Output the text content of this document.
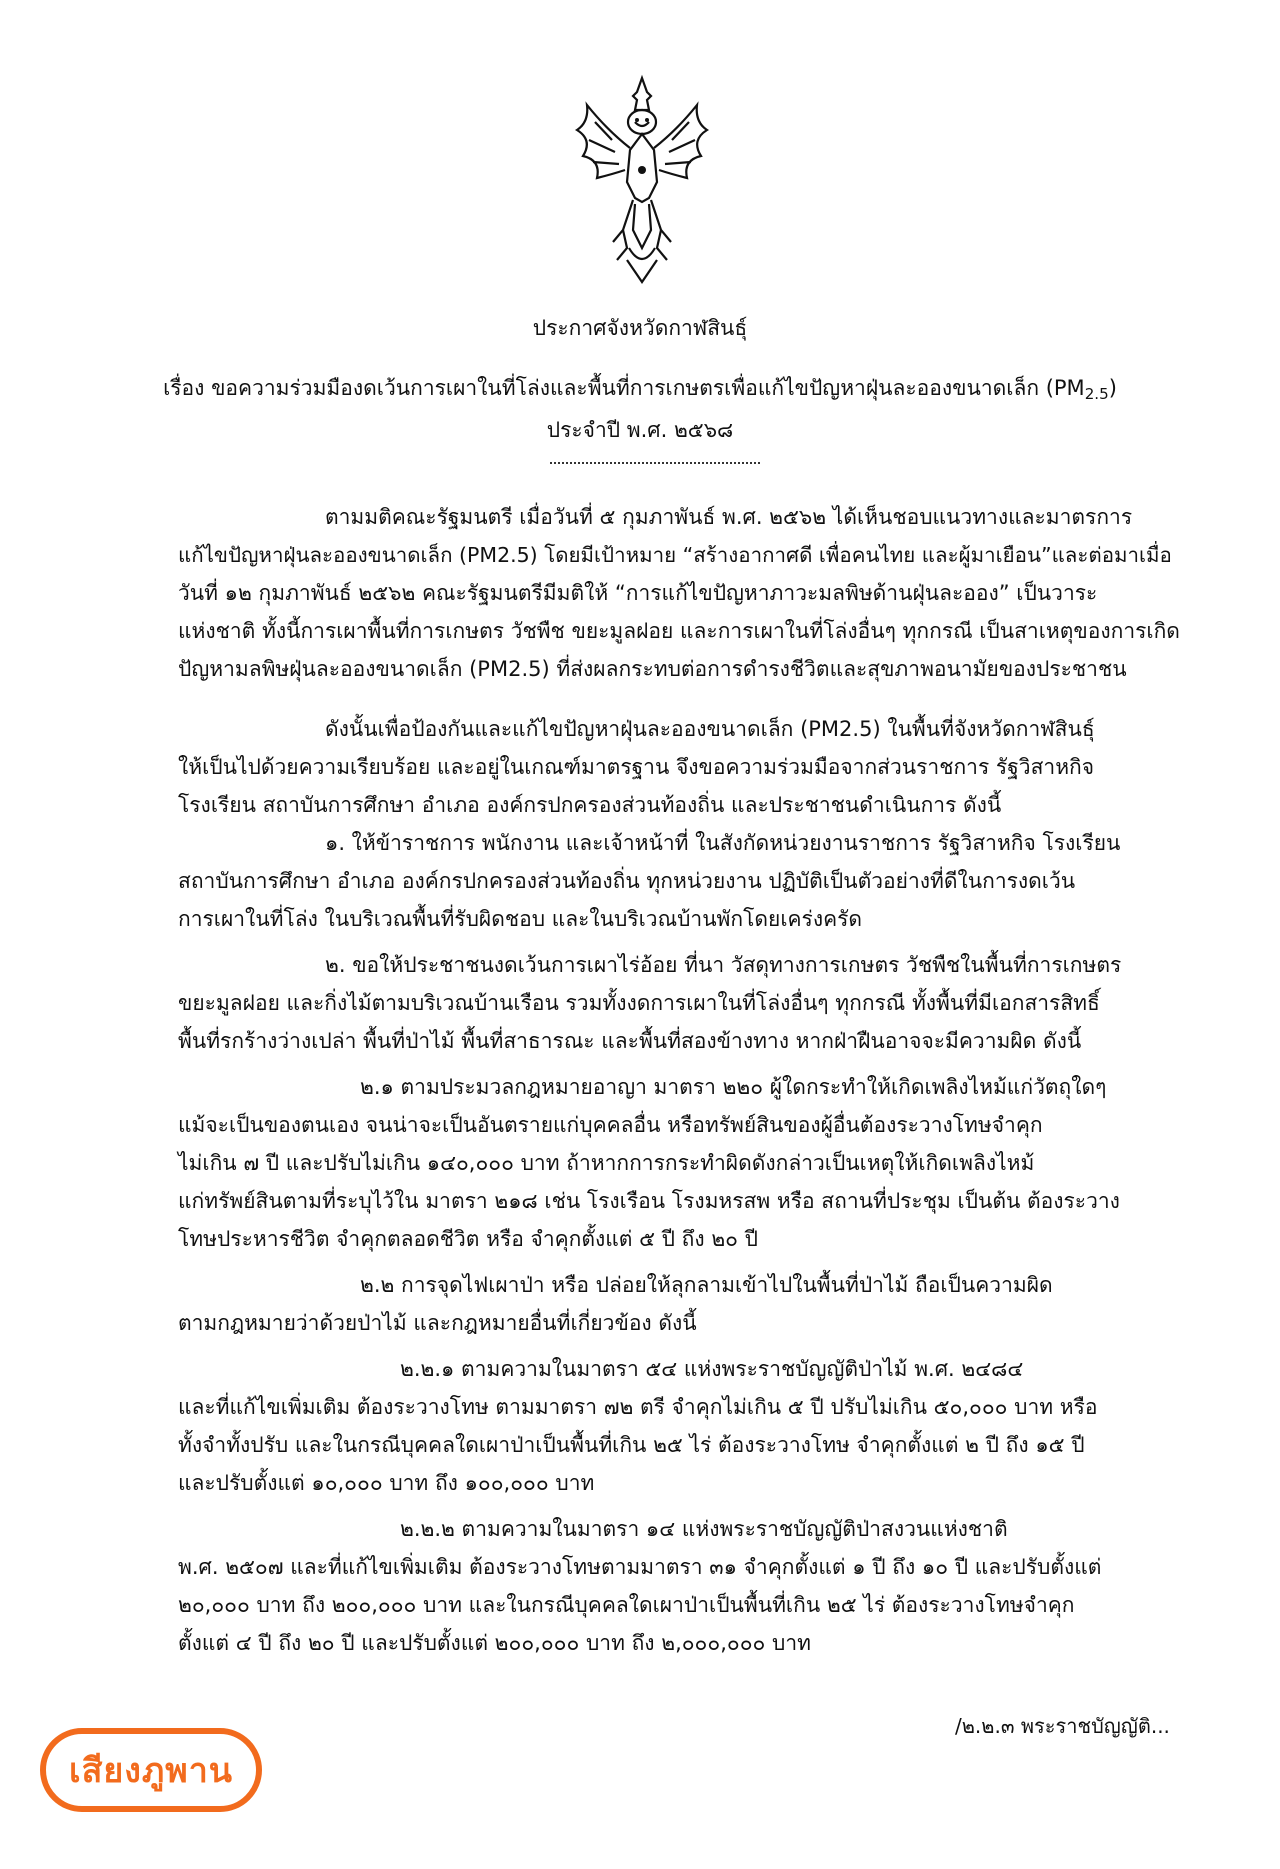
ประกาศจังหวัดกาฬสินธุ์
เรื่อง ขอความร่วมมืองดเว้นการเผาในที่โล่งและพื้นที่การเกษตรเพื่อแก้ไขปัญหาฝุ่นละอองขนาดเล็ก $(PM_{2.5})$
ประจำปี พ.ศ. ๒๕๖๘
ตามมติคณะรัฐมนตรี เมื่อวันที่ ๕ กุมภาพันธ์ พ.ศ. ๒๕๖๒ ได้เห็นชอบแนวทางและมาตรการ
แก้ไขปัญหาฝุ่นละอองขนาดเล็ก (PM2.5) โดยมีเป้าหมาย “สร้างอากาศดี เพื่อคนไทย และผู้มาเยือน”และต่อมาเมื่อ
วันที่ ๑๒ กุมภาพันธ์ ๒๕๖๒ คณะรัฐมนตรีมีมติให้ “การแก้ไขปัญหาภาวะมลพิษด้านฝุ่นละออง” เป็นวาระ
แห่งชาติ ทั้งนี้การเผาพื้นที่การเกษตร วัชพืช ขยะมูลฝอย และการเผาในที่โล่งอื่นๆ ทุกกรณี เป็นสาเหตุของการเกิด
ปัญหามลพิษฝุ่นละอองขนาดเล็ก (PM2.5) ที่ส่งผลกระทบต่อการดำรงชีวิตและสุขภาพอนามัยของประชาชน
ดังนั้นเพื่อป้องกันและแก้ไขปัญหาฝุ่นละอองขนาดเล็ก (PM2.5) ในพื้นที่จังหวัดกาฬสินธุ์
ให้เป็นไปด้วยความเรียบร้อย และอยู่ในเกณฑ์มาตรฐาน จึงขอความร่วมมือจากส่วนราชการ รัฐวิสาหกิจ
โรงเรียน สถาบันการศึกษา อำเภอ องค์กรปกครองส่วนท้องถิ่น และประชาชนดำเนินการ ดังนี้
๑. ให้ข้าราชการ พนักงาน และเจ้าหน้าที่ ในสังกัดหน่วยงานราชการ รัฐวิสาหกิจ โรงเรียน
สถาบันการศึกษา อำเภอ องค์กรปกครองส่วนท้องถิ่น ทุกหน่วยงาน ปฏิบัติเป็นตัวอย่างที่ดีในการงดเว้น
การเผาในที่โล่ง ในบริเวณพื้นที่รับผิดชอบ และในบริเวณบ้านพักโดยเคร่งครัด
๒. ขอให้ประชาชนงดเว้นการเผาไร่อ้อย ที่นา วัสดุทางการเกษตร วัชพืชในพื้นที่การเกษตร
ขยะมูลฝอย และกิ่งไม้ตามบริเวณบ้านเรือน รวมทั้งงดการเผาในที่โล่งอื่นๆ ทุกกรณี ทั้งพื้นที่มีเอกสารสิทธิ์
พื้นที่รกร้างว่างเปล่า พื้นที่ป่าไม้ พื้นที่สาธารณะ และพื้นที่สองข้างทาง หากฝ่าฝืนอาจจะมีความผิด ดังนี้
๒.๑ ตามประมวลกฎหมายอาญา มาตรา ๒๒๐ ผู้ใดกระทำให้เกิดเพลิงไหม้แก่วัตถุใดๆ
แม้จะเป็นของตนเอง จนน่าจะเป็นอันตรายแก่บุคคลอื่น หรือทรัพย์สินของผู้อื่นต้องระวางโทษจำคุก
ไม่เกิน ๗ ปี และปรับไม่เกิน ๑๔๐,๐๐๐ บาท ถ้าหากการกระทำผิดดังกล่าวเป็นเหตุให้เกิดเพลิงไหม้
แก่ทรัพย์สินตามที่ระบุไว้ใน มาตรา ๒๑๘ เช่น โรงเรือน โรงมหรสพ หรือ สถานที่ประชุม เป็นต้น ต้องระวาง
โทษประหารชีวิต จำคุกตลอดชีวิต หรือ จำคุกตั้งแต่ ๕ ปี ถึง ๒๐ ปี
๒.๒ การจุดไฟเผาป่า หรือ ปล่อยให้ลุกลามเข้าไปในพื้นที่ป่าไม้ ถือเป็นความผิด
ตามกฎหมายว่าด้วยป่าไม้ และกฎหมายอื่นที่เกี่ยวข้อง ดังนี้
๒.๒.๑ ตามความในมาตรา ๕๔ แห่งพระราชบัญญัติป่าไม้ พ.ศ. ๒๔๘๔
และที่แก้ไขเพิ่มเติม ต้องระวางโทษ ตามมาตรา ๗๒ ตรี จำคุกไม่เกิน ๕ ปี ปรับไม่เกิน ๕๐,๐๐๐ บาท หรือ
ทั้งจำทั้งปรับ และในกรณีบุคคลใดเผาป่าเป็นพื้นที่เกิน ๒๕ ไร่ ต้องระวางโทษ จำคุกตั้งแต่ ๒ ปี ถึง ๑๕ ปี
และปรับตั้งแต่ ๑๐,๐๐๐ บาท ถึง ๑๐๐,๐๐๐ บาท
๒.๒.๒ ตามความในมาตรา ๑๔ แห่งพระราชบัญญัติป่าสงวนแห่งชาติ
พ.ศ. ๒๕๐๗ และที่แก้ไขเพิ่มเติม ต้องระวางโทษตามมาตรา ๓๑ จำคุกตั้งแต่ ๑ ปี ถึง ๑๐ ปี และปรับตั้งแต่
๒๐,๐๐๐ บาท ถึง ๒๐๐,๐๐๐ บาท และในกรณีบุคคลใดเผาป่าเป็นพื้นที่เกิน ๒๕ ไร่ ต้องระวางโทษจำคุก
ตั้งแต่ ๔ ปี ถึง ๒๐ ปี และปรับตั้งแต่ ๒๐๐,๐๐๐ บาท ถึง ๒,๐๐๐,๐๐๐ บาท
/๒.๒.๓ พระราชบัญญัติ...
เสียงภูพาน
